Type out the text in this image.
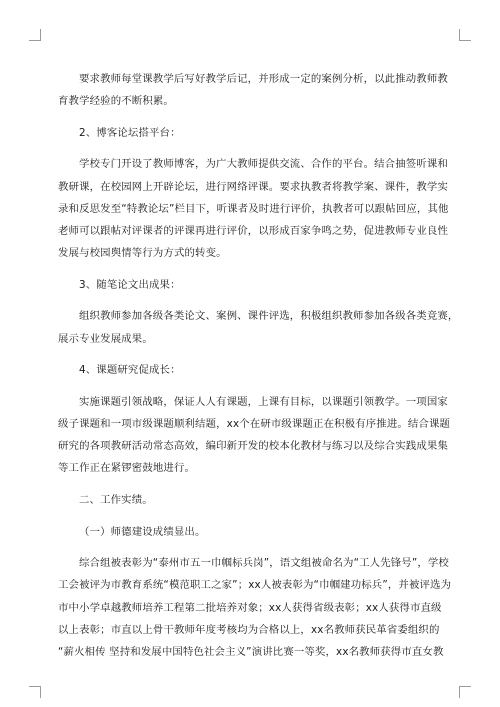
要求教师每堂课教学后写好教学后记，并形成一定的案例分析，以此推动教师教
育教学经验的不断积累。
2、博客论坛搭平台：
学校专门开设了教师博客，为广大教师提供交流、合作的平台。结合抽签听课和
教研课，在校园网上开辟论坛，进行网络评课。要求执教者将教学案、课件，教学实
录和反思发至“特教论坛”栏目下，听课者及时进行评价，执教者可以跟帖回应，其他
老师可以跟帖对评课者的评课再进行评价，以形成百家争鸣之势，促进教师专业良性
发展与校园舆情等行为方式的转变。
3、随笔论文出成果：
组织教师参加各级各类论文、案例、课件评选，积极组织教师参加各级各类竞赛，
展示专业发展成果。
4、课题研究促成长：
实施课题引领战略，保证人人有课题，上课有目标，以课题引领教学。一项国家
级子课题和一项市级课题顺利结题，xx个在研市级课题正在积极有序推进。结合课题
研究的各项教研活动常态高效，编印新开发的校本化教材与练习以及综合实践成果集
等工作正在紧锣密鼓地进行。
二、工作实绩。
（一）师德建设成绩显出。
综合组被表彰为“泰州市五一巾帼标兵岗”，语文组被命名为“工人先锋号”，学校
工会被评为市教育系统“模范职工之家”；xx人被表彰为“巾帼建功标兵”，并被评选为
市中小学卓越教师培养工程第二批培养对象；xx人获得省级表彰；xx人获得市直级
以上表彰；市直以上骨干教师年度考核均为合格以上，xx名教师获民革省委组织的
“薪火相传 坚持和发展中国特色社会主义”演讲比赛一等奖，xx名教师获得市直女教
